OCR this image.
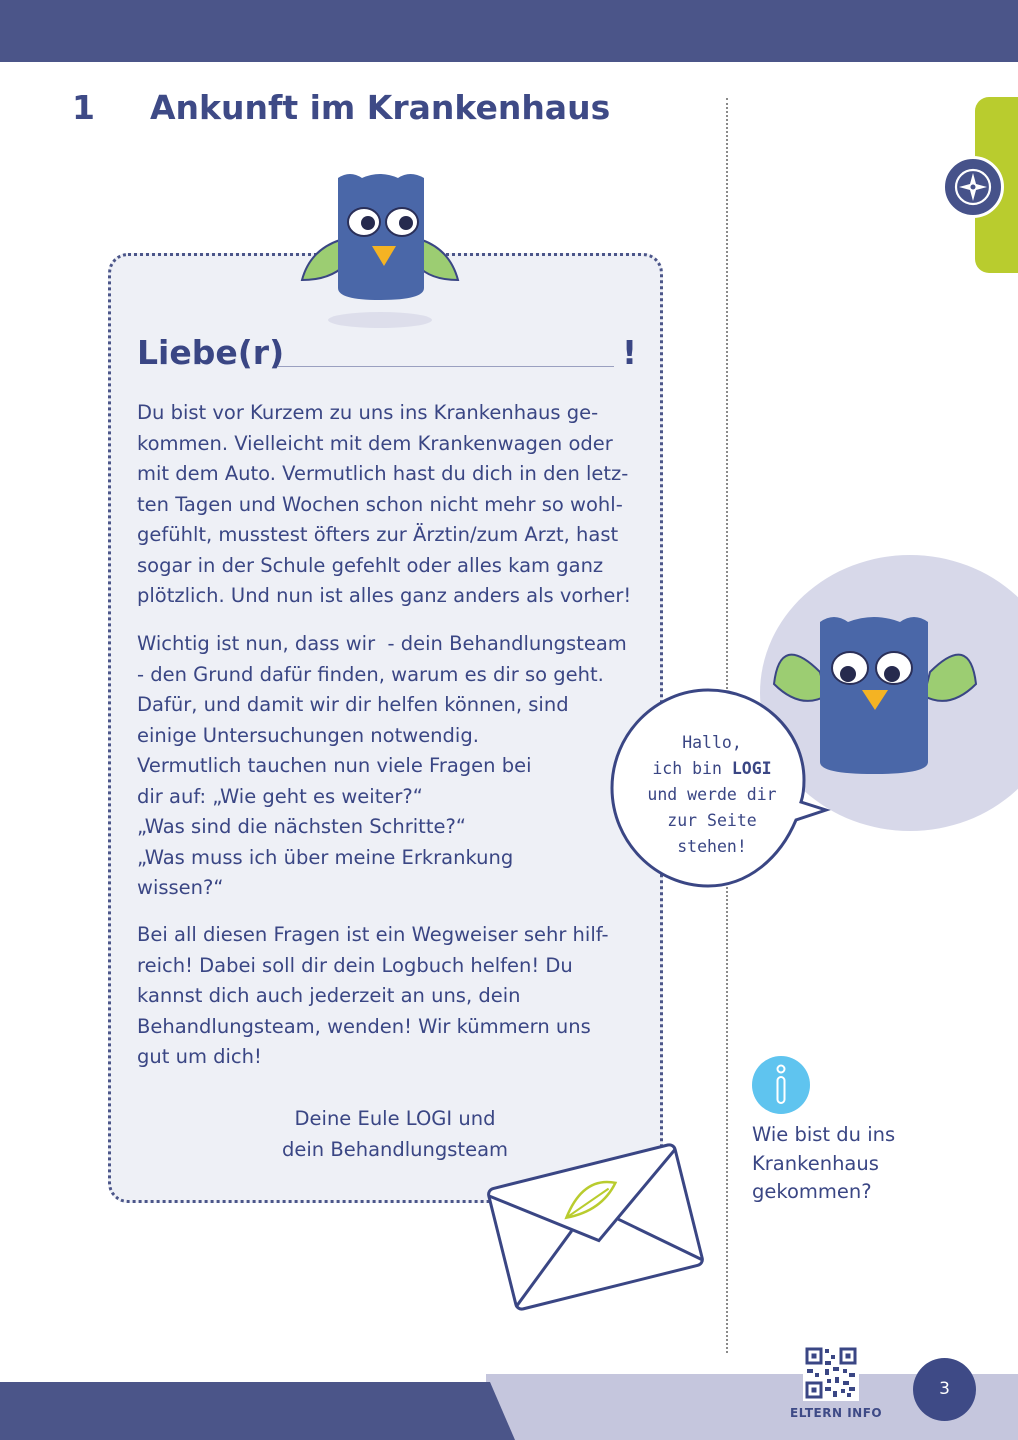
1 Ankunft im Krankenhaus
Liebe(r)	!
Du bist vor Kurzem zu uns ins Krankenhaus ge-
kommen. Vielleicht mit dem Krankenwagen oder
mit dem Auto. Vermutlich hast du dich in den letz-
ten Tagen und Wochen schon nicht mehr so wohl-
gefühlt, musstest öfters zur Ärztin/zum Arzt, hast
sogar in der Schule gefehlt oder alles kam ganz
plötzlich. Und nun ist alles ganz anders als vorher!
Wichtig ist nun, dass wir  - dein Behandlungsteam
- den Grund dafür finden, warum es dir so geht.
Dafür, und damit wir dir helfen können, sind
einige Untersuchungen notwendig.
Vermutlich tauchen nun viele Fragen bei
dir auf: „Wie geht es weiter?“
„Was sind die nächsten Schritte?“
„Was muss ich über meine Erkrankung
wissen?“
Bei all diesen Fragen ist ein Wegweiser sehr hilf-
reich! Dabei soll dir dein Logbuch helfen! Du
kannst dich auch jederzeit an uns, dein
Behandlungsteam, wenden! Wir kümmern uns
gut um dich!
Deine Eule LOGI und
dein Behandlungsteam
Hallo,
ich bin LOGI
und werde dir
zur Seite
stehen!
Wie bist du ins
Krankenhaus
gekommen?
ELTERN INFO
3
